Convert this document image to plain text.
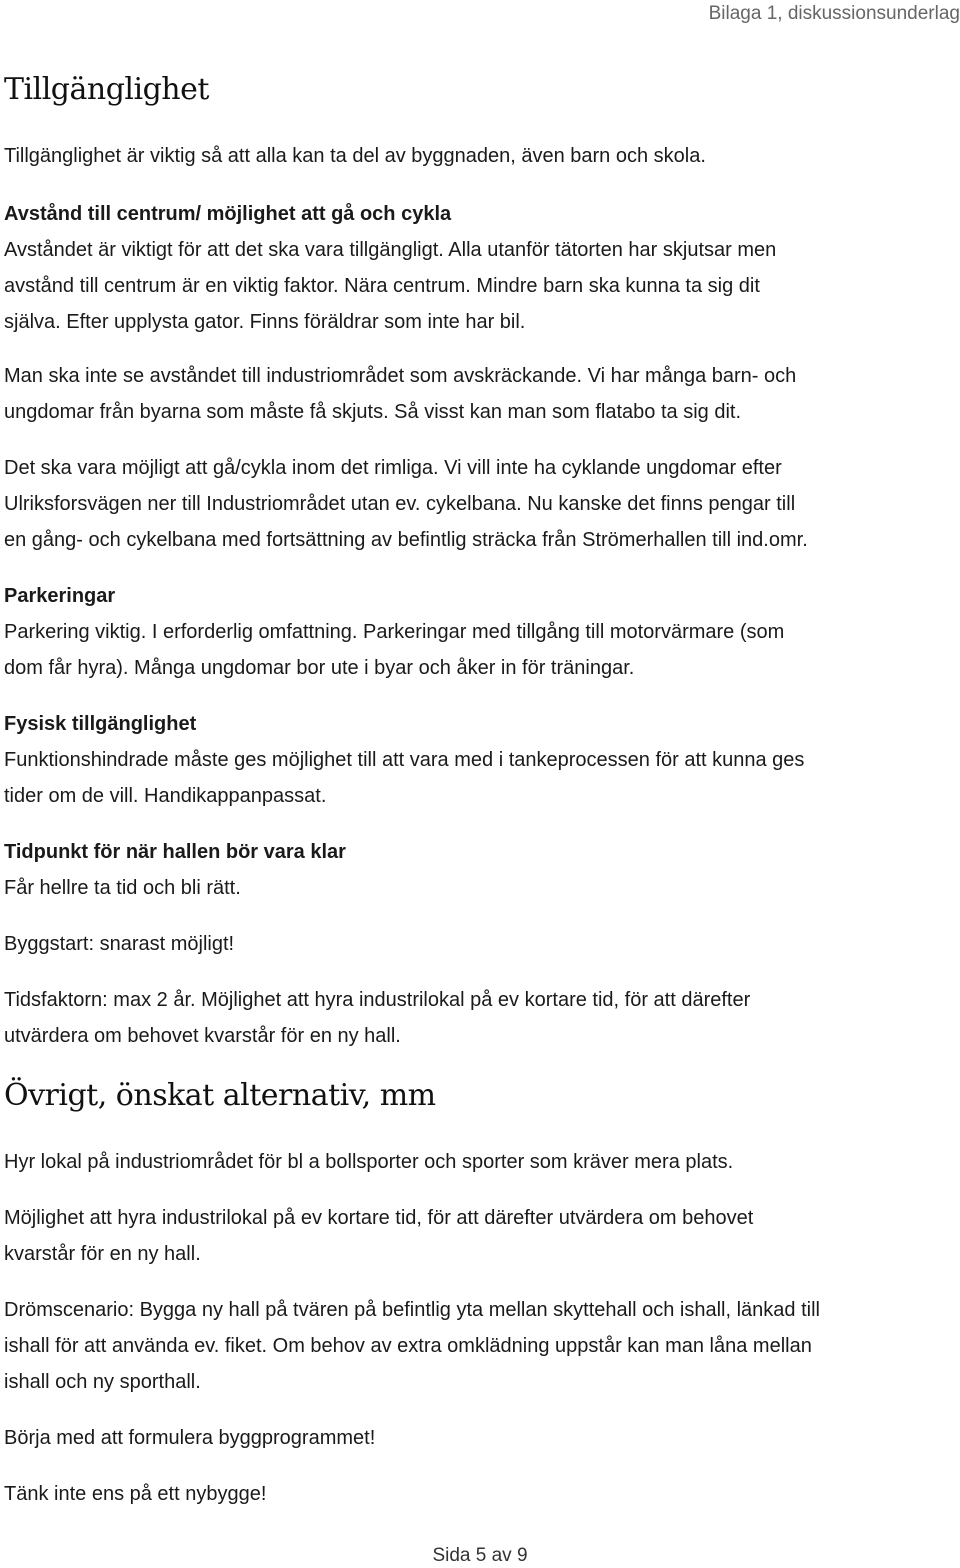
Bilaga 1, diskussionsunderlag
Tillgänglighet

Tillgänglighet är viktig så att alla kan ta del av byggnaden, även barn och skola.

Avstånd till centrum/ möjlighet att gå och cykla
Avståndet är viktigt för att det ska vara tillgängligt. Alla utanför tätorten har skjutsar men
avstånd till centrum är en viktig faktor. Nära centrum. Mindre barn ska kunna ta sig dit
själva. Efter upplysta gator. Finns föräldrar som inte har bil.

Man ska inte se avståndet till industriområdet som avskräckande. Vi har många barn- och
ungdomar från byarna som måste få skjuts. Så visst kan man som flatabo ta sig dit.

Det ska vara möjligt att gå/cykla inom det rimliga. Vi vill inte ha cyklande ungdomar efter
Ulriksforsvägen ner till Industriområdet utan ev. cykelbana. Nu kanske det finns pengar till
en gång- och cykelbana med fortsättning av befintlig sträcka från Strömerhallen till ind.omr.

Parkeringar
Parkering viktig. I erforderlig omfattning. Parkeringar med tillgång till motorvärmare (som
dom får hyra). Många ungdomar bor ute i byar och åker in för träningar.

Fysisk tillgänglighet
Funktionshindrade måste ges möjlighet till att vara med i tankeprocessen för att kunna ges
tider om de vill. Handikappanpassat.

Tidpunkt för när hallen bör vara klar
Får hellre ta tid och bli rätt.

Byggstart: snarast möjligt!

Tidsfaktorn: max 2 år. Möjlighet att hyra industrilokal på ev kortare tid, för att därefter
utvärdera om behovet kvarstår för en ny hall.

Övrigt, önskat alternativ, mm

Hyr lokal på industriområdet för bl a bollsporter och sporter som kräver mera plats.

Möjlighet att hyra industrilokal på ev kortare tid, för att därefter utvärdera om behovet
kvarstår för en ny hall.

Drömscenario: Bygga ny hall på tvären på befintlig yta mellan skyttehall och ishall, länkad till
ishall för att använda ev. fiket. Om behov av extra omklädning uppstår kan man låna mellan
ishall och ny sporthall.

Börja med att formulera byggprogrammet!

Tänk inte ens på ett nybygge!

Sida 5 av 9
